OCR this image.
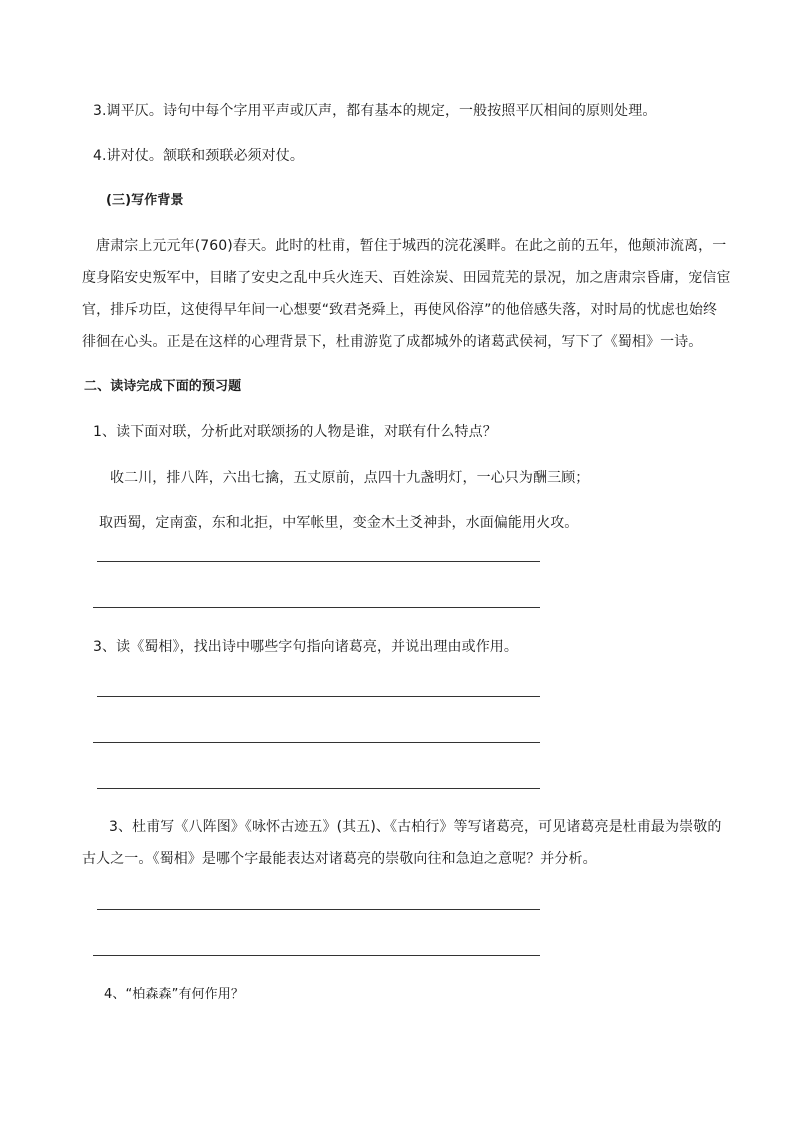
3.调平仄。诗句中每个字用平声或仄声，都有基本的规定，一般按照平仄相间的原则处理。
4.讲对仗。颔联和颈联必须对仗。
(三)写作背景
唐肃宗上元元年(760)春天。此时的杜甫，暂住于城西的浣花溪畔。在此之前的五年，他颠沛流离，一
度身陷安史叛军中，目睹了安史之乱中兵火连天、百姓涂炭、田园荒芜的景况，加之唐肃宗昏庸，宠信宦
官，排斥功臣，这使得早年间一心想要“致君尧舜上，再使风俗淳”的他倍感失落，对时局的忧虑也始终
徘徊在心头。正是在这样的心理背景下，杜甫游览了成都城外的诸葛武侯祠，写下了《蜀相》一诗。
二、读诗完成下面的预习题
1、读下面对联，分析此对联颂扬的人物是谁，对联有什么特点？
收二川，排八阵，六出七擒，五丈原前，点四十九盏明灯，一心只为酬三顾；
取西蜀，定南蛮，东和北拒，中军帐里，变金木土爻神卦，水面偏能用火攻。
3、读《蜀相》，找出诗中哪些字句指向诸葛亮，并说出理由或作用。
3、杜甫写《八阵图》《咏怀古迹五》(其五)、《古柏行》等写诸葛亮，可见诸葛亮是杜甫最为崇敬的
古人之一。《蜀相》是哪个字最能表达对诸葛亮的崇敬向往和急迫之意呢？并分析。
4、“柏森森”有何作用？
